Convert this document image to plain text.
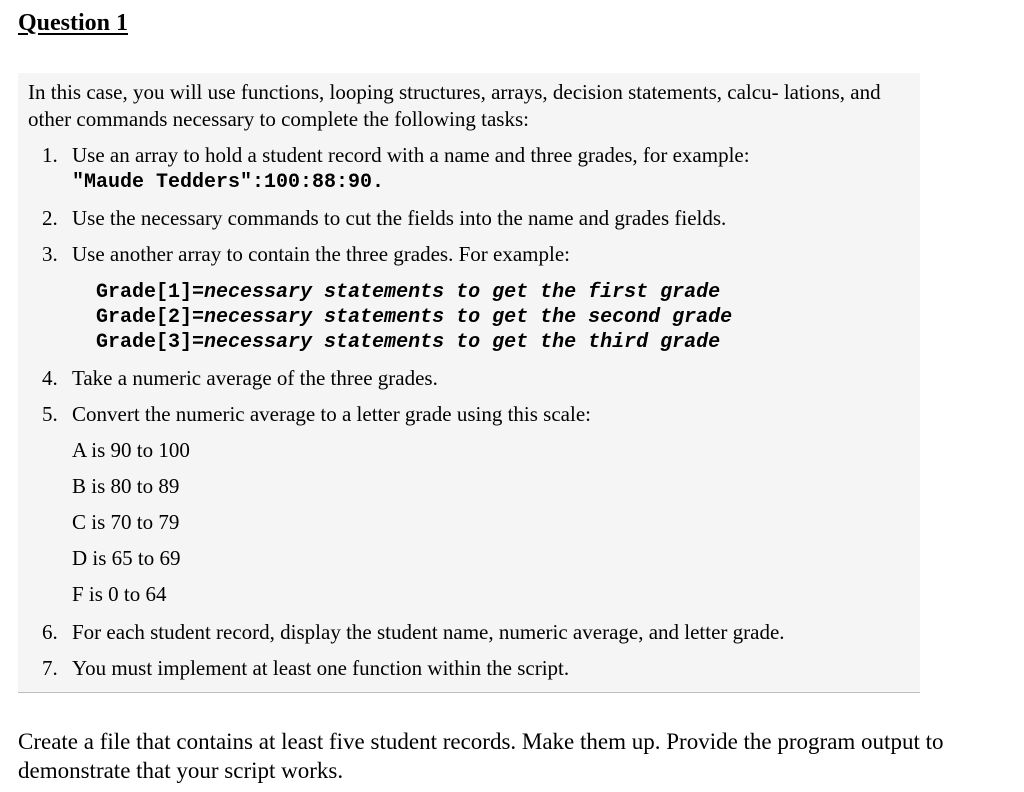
Question 1

In this case, you will use functions, looping structures, arrays, decision statements, calcu- lations, and other commands necessary to complete the following tasks:

1. Use an array to hold a student record with a name and three grades, for example:
"Maude Tedders":100:88:90.
2. Use the necessary commands to cut the fields into the name and grades fields.
3. Use another array to contain the three grades. For example:
Grade[1]=necessary statements to get the first grade
Grade[2]=necessary statements to get the second grade
Grade[3]=necessary statements to get the third grade
4. Take a numeric average of the three grades.
5. Convert the numeric average to a letter grade using this scale:
A is 90 to 100
B is 80 to 89
C is 70 to 79
D is 65 to 69
F is 0 to 64
6. For each student record, display the student name, numeric average, and letter grade.
7. You must implement at least one function within the script.

Create a file that contains at least five student records. Make them up. Provide the program output to demonstrate that your script works.
